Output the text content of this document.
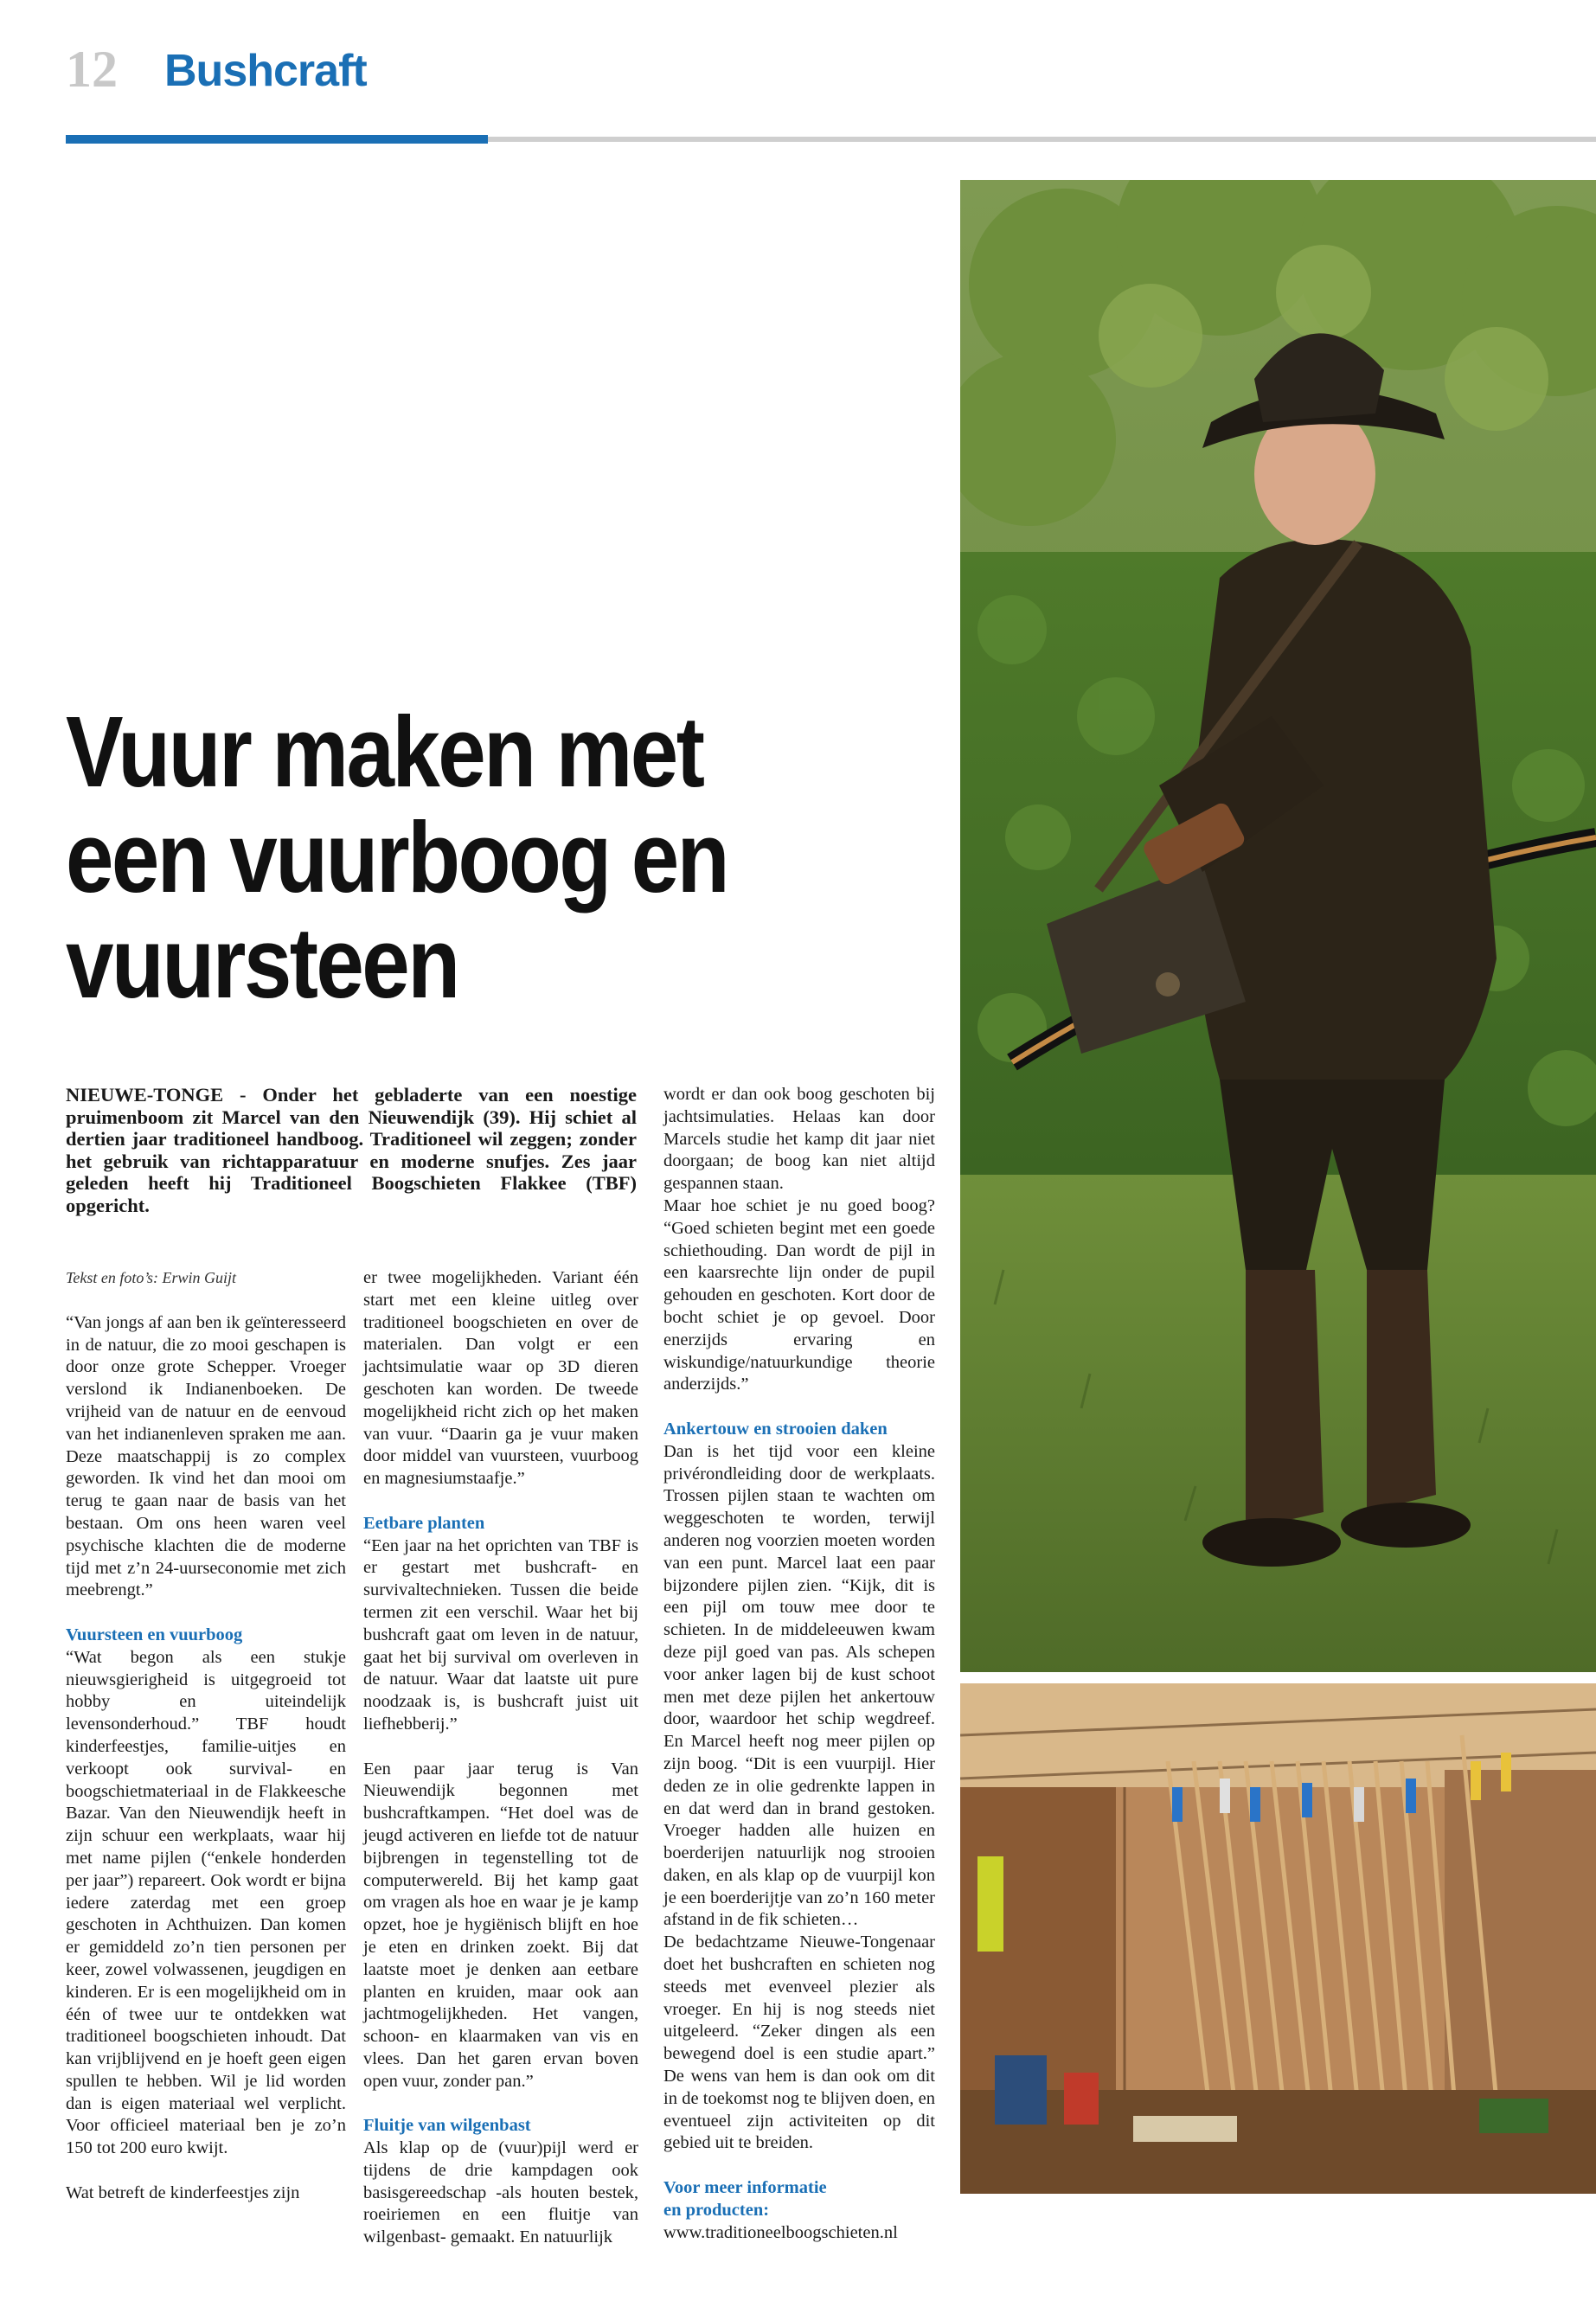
12 Bushcraft
Vuur maken met
een vuurboog en
vuursteen

NIEUWE-TONGE - Onder het gebladerte van een noestige pruimenboom zit Marcel van den Nieuwendijk (39). Hij schiet al dertien jaar traditioneel handboog. Traditioneel wil zeggen; zonder het gebruik van richtapparatuur en moderne snufjes. Zes jaar geleden heeft hij Traditioneel Boogschieten Flakkee (TBF) opgericht.

Tekst en foto’s: Erwin Guijt

“Van jongs af aan ben ik geïnteresseerd in de natuur, die zo mooi geschapen is door onze grote Schepper. Vroeger verslond ik Indianenboeken. De vrijheid van de natuur en de eenvoud van het indianenleven spraken me aan. Deze maatschappij is zo complex geworden. Ik vind het dan mooi om terug te gaan naar de basis van het bestaan. Om ons heen waren veel psychische klachten die de moderne tijd met z’n 24-uurseconomie met zich meebrengt.”

Vuursteen en vuurboog

“Wat begon als een stukje nieuwsgierigheid is uitgegroeid tot hobby en uiteindelijk levensonderhoud.” TBF houdt kinderfeestjes, familie-uitjes en verkoopt ook survival- en boogschietmateriaal in de Flakkeesche Bazar. Van den Nieuwendijk heeft in zijn schuur een werkplaats, waar hij met name pijlen (“enkele honderden per jaar”) repareert. Ook wordt er bijna iedere zaterdag met een groep geschoten in Achthuizen. Dan komen er gemiddeld zo’n tien personen per keer, zowel volwassenen, jeugdigen en kinderen. Er is een mogelijkheid om in één of twee uur te ontdekken wat traditioneel boogschieten inhoudt. Dat kan vrijblijvend en je hoeft geen eigen spullen te hebben. Wil je lid worden dan is eigen materiaal wel verplicht. Voor officieel materiaal ben je zo’n 150 tot 200 euro kwijt.

Wat betreft de kinderfeestjes zijn

er twee mogelijkheden. Variant één start met een kleine uitleg over traditioneel boogschieten en over de materialen. Dan volgt er een jachtsimulatie waar op 3D dieren geschoten kan worden. De tweede mogelijkheid richt zich op het maken van vuur. “Daarin ga je vuur maken door middel van vuursteen, vuurboog en magnesiumstaafje.”

Eetbare planten

“Een jaar na het oprichten van TBF is er gestart met bushcraft- en survivaltechnieken. Tussen die beide termen zit een verschil. Waar het bij bushcraft gaat om leven in de natuur, gaat het bij survival om overleven in de natuur. Waar dat laatste uit pure noodzaak is, is bushcraft juist uit liefhebberij.”

Een paar jaar terug is Van Nieuwendijk begonnen met bushcraftkampen. “Het doel was de jeugd activeren en liefde tot de natuur bijbrengen in tegenstelling tot de computerwereld. Bij het kamp gaat om vragen als hoe en waar je je kamp opzet, hoe je hygiënisch blijft en hoe je eten en drinken zoekt. Bij dat laatste moet je denken aan eetbare planten en kruiden, maar ook aan jachtmogelijkheden. Het vangen, schoon- en klaarmaken van vis en vlees. Dan het garen ervan boven open vuur, zonder pan.”

Fluitje van wilgenbast

Als klap op de (vuur)pijl werd er tijdens de drie kampdagen ook basisgereedschap -als houten bestek, roeiriemen en een fluitje van wilgenbast- gemaakt. En natuurlijk

wordt er dan ook boog geschoten bij jachtsimulaties. Helaas kan door Marcels studie het kamp dit jaar niet doorgaan; de boog kan niet altijd gespannen staan.

Maar hoe schiet je nu goed boog? “Goed schieten begint met een goede schiethouding. Dan wordt de pijl in een kaarsrechte lijn onder de pupil gehouden en geschoten. Kort door de bocht schiet je op gevoel. Door enerzijds ervaring en wiskundige/natuurkundige theorie anderzijds.”

Ankertouw en strooien daken

Dan is het tijd voor een kleine privérondleiding door de werkplaats. Trossen pijlen staan te wachten om weggeschoten te worden, terwijl anderen nog voorzien moeten worden van een punt. Marcel laat een paar bijzondere pijlen zien. “Kijk, dit is een pijl om touw mee door te schieten. In de middeleeuwen kwam deze pijl goed van pas. Als schepen voor anker lagen bij de kust schoot men met deze pijlen het ankertouw door, waardoor het schip wegdreef. En Marcel heeft nog meer pijlen op zijn boog. “Dit is een vuurpijl. Hier deden ze in olie gedrenkte lappen in en dat werd dan in brand gestoken. Vroeger hadden alle huizen en boerderijen natuurlijk nog strooien daken, en als klap op de vuurpijl kon je een boerderijtje van zo’n 160 meter afstand in de fik schieten…

De bedachtzame Nieuwe-Tongenaar doet het bushcraften en schieten nog steeds met evenveel plezier als vroeger. En hij is nog steeds niet uitgeleerd. “Zeker dingen als een bewegend doel is een studie apart.” De wens van hem is dan ook om dit in de toekomst nog te blijven doen, en eventueel zijn activiteiten op dit gebied uit te breiden.

Voor meer informatie
en producten:

www.traditioneelboogschieten.nl
